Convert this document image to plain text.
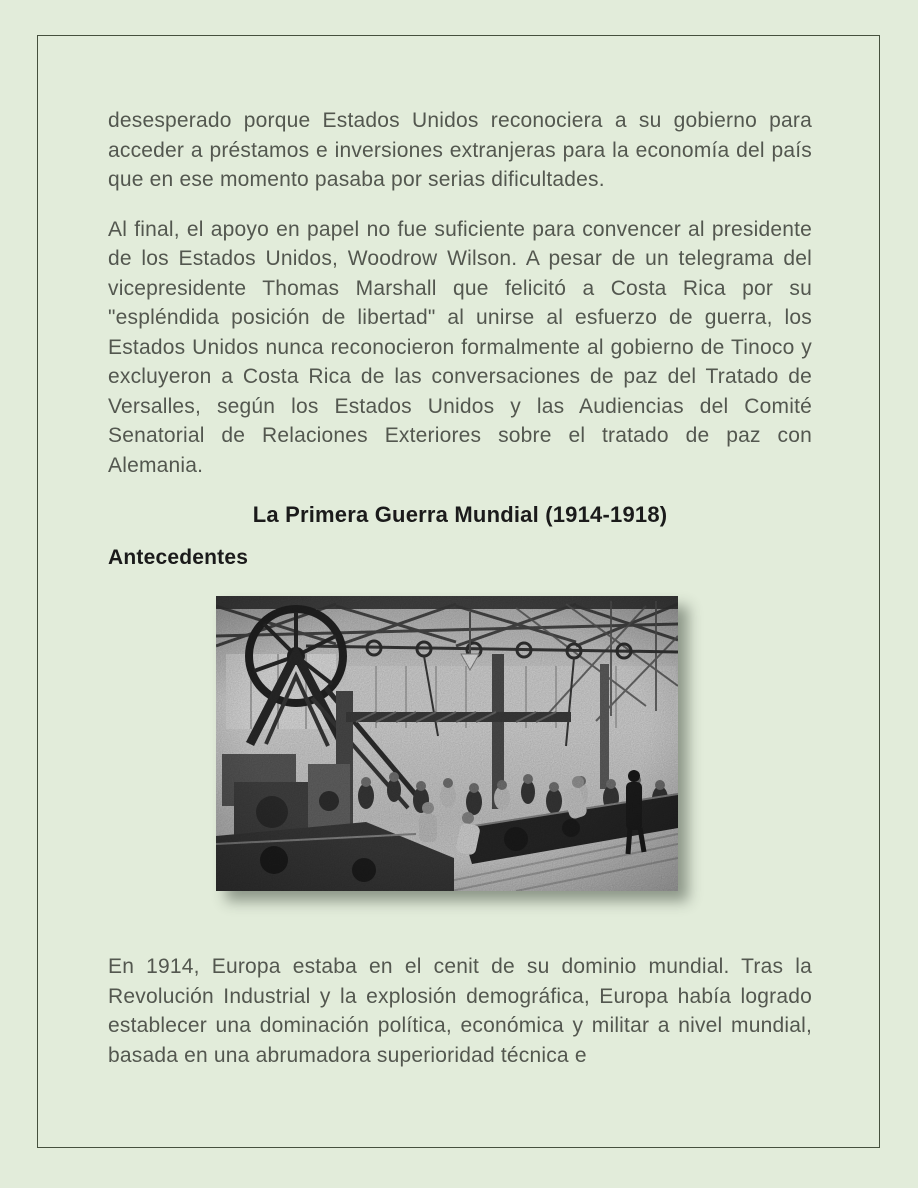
desesperado porque Estados Unidos reconociera a su gobierno para acceder a préstamos e inversiones extranjeras para la economía del país que en ese momento pasaba por serias dificultades.

Al final, el apoyo en papel no fue suficiente para convencer al presidente de los Estados Unidos, Woodrow Wilson. A pesar de un telegrama del vicepresidente Thomas Marshall que felicitó a Costa Rica por su "espléndida posición de libertad" al unirse al esfuerzo de guerra, los Estados Unidos nunca reconocieron formalmente al gobierno de Tinoco y excluyeron a Costa Rica de las conversaciones de paz del Tratado de Versalles, según los Estados Unidos y las Audiencias del Comité Senatorial de Relaciones Exteriores sobre el tratado de paz con Alemania.

La Primera Guerra Mundial (1914-1918)
Antecedentes

En 1914, Europa estaba en el cenit de su dominio mundial. Tras la Revolución Industrial y la explosión demográfica, Europa había logrado establecer una dominación política, económica y militar a nivel mundial, basada en una abrumadora superioridad técnica e
